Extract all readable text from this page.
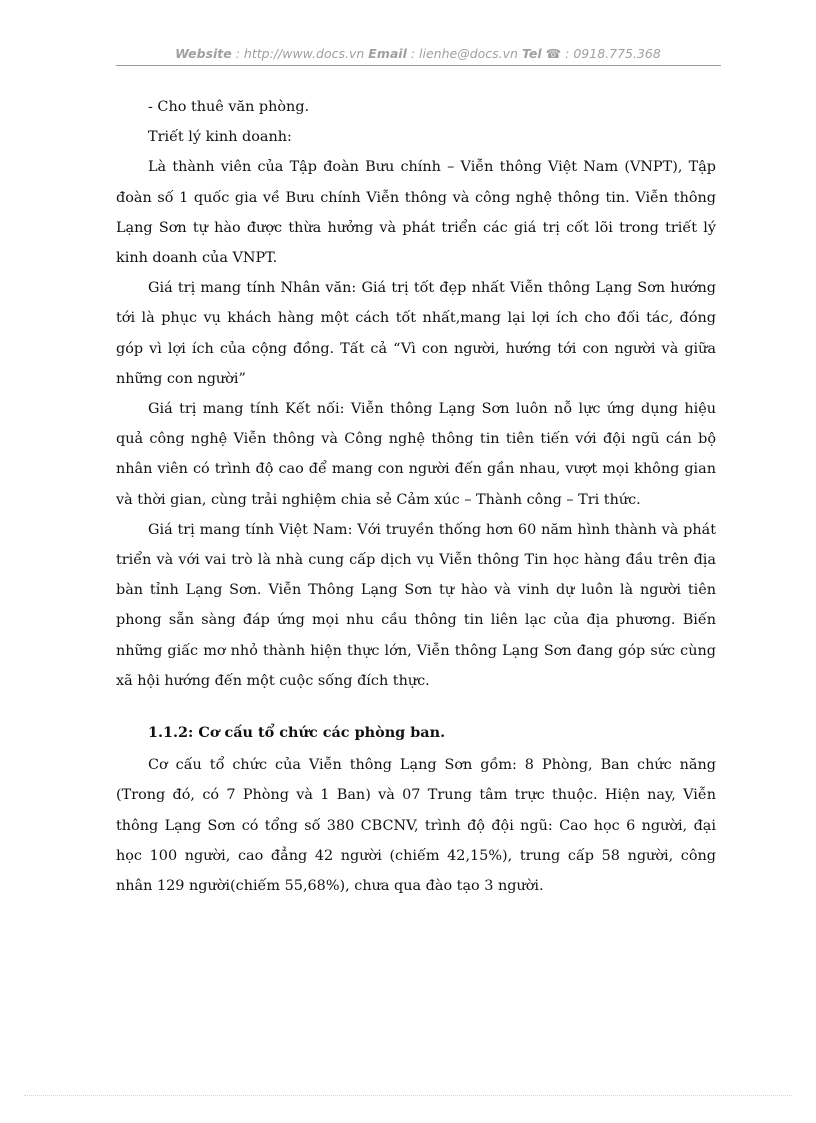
Website : http://www.docs.vn Email : lienhe@docs.vn Tel ☎ : 0918.775.368

- Cho thuê văn phòng.

Triết lý kinh doanh:

Là thành viên của Tập đoàn Bưu chính – Viễn thông Việt Nam (VNPT), Tập đoàn số 1 quốc gia về Bưu chính Viễn thông và công nghệ thông tin. Viễn thông Lạng Sơn tự hào được thừa hưởng và phát triển các giá trị cốt lõi trong triết lý kinh doanh của VNPT.

Giá trị mang tính Nhân văn: Giá trị tốt đẹp nhất Viễn thông Lạng Sơn hướng tới là phục vụ khách hàng một cách tốt nhất,mang lại lợi ích cho đối tác, đóng góp vì lợi ích của cộng đồng. Tất cả “Vì con người, hướng tới con người và giữa những con người”

Giá trị mang tính Kết nối: Viễn thông Lạng Sơn luôn nỗ lực ứng dụng hiệu quả công nghệ Viễn thông và Công nghệ thông tin tiên tiến với đội ngũ cán bộ nhân viên có trình độ cao để mang con người đến gần nhau, vượt mọi không gian và thời gian, cùng trải nghiệm chia sẻ Cảm xúc – Thành công – Tri thức.

Giá trị mang tính Việt Nam: Với truyền thống hơn 60 năm hình thành và phát triển và với vai trò là nhà cung cấp dịch vụ Viễn thông Tin học hàng đầu trên địa bàn tỉnh Lạng Sơn. Viễn Thông Lạng Sơn tự hào và vinh dự luôn là người tiên phong sẵn sàng đáp ứng mọi nhu cầu thông tin liên lạc của địa phương. Biến những giấc mơ nhỏ thành hiện thực lớn, Viễn thông Lạng Sơn đang góp sức cùng xã hội hướng đến một cuộc sống đích thực.

1.1.2: Cơ cấu tổ chức các phòng ban.

Cơ cấu tổ chức của Viễn thông Lạng Sơn gồm: 8 Phòng, Ban chức năng (Trong đó, có 7 Phòng và 1 Ban) và 07 Trung tâm trực thuộc. Hiện nay, Viễn thông Lạng Sơn có tổng số 380 CBCNV, trình độ đội ngũ: Cao học 6 người, đại học 100 người, cao đẳng 42 người (chiếm 42,15%), trung cấp 58 người, công nhân 129 người(chiếm 55,68%), chưa qua đào tạo 3 người.
